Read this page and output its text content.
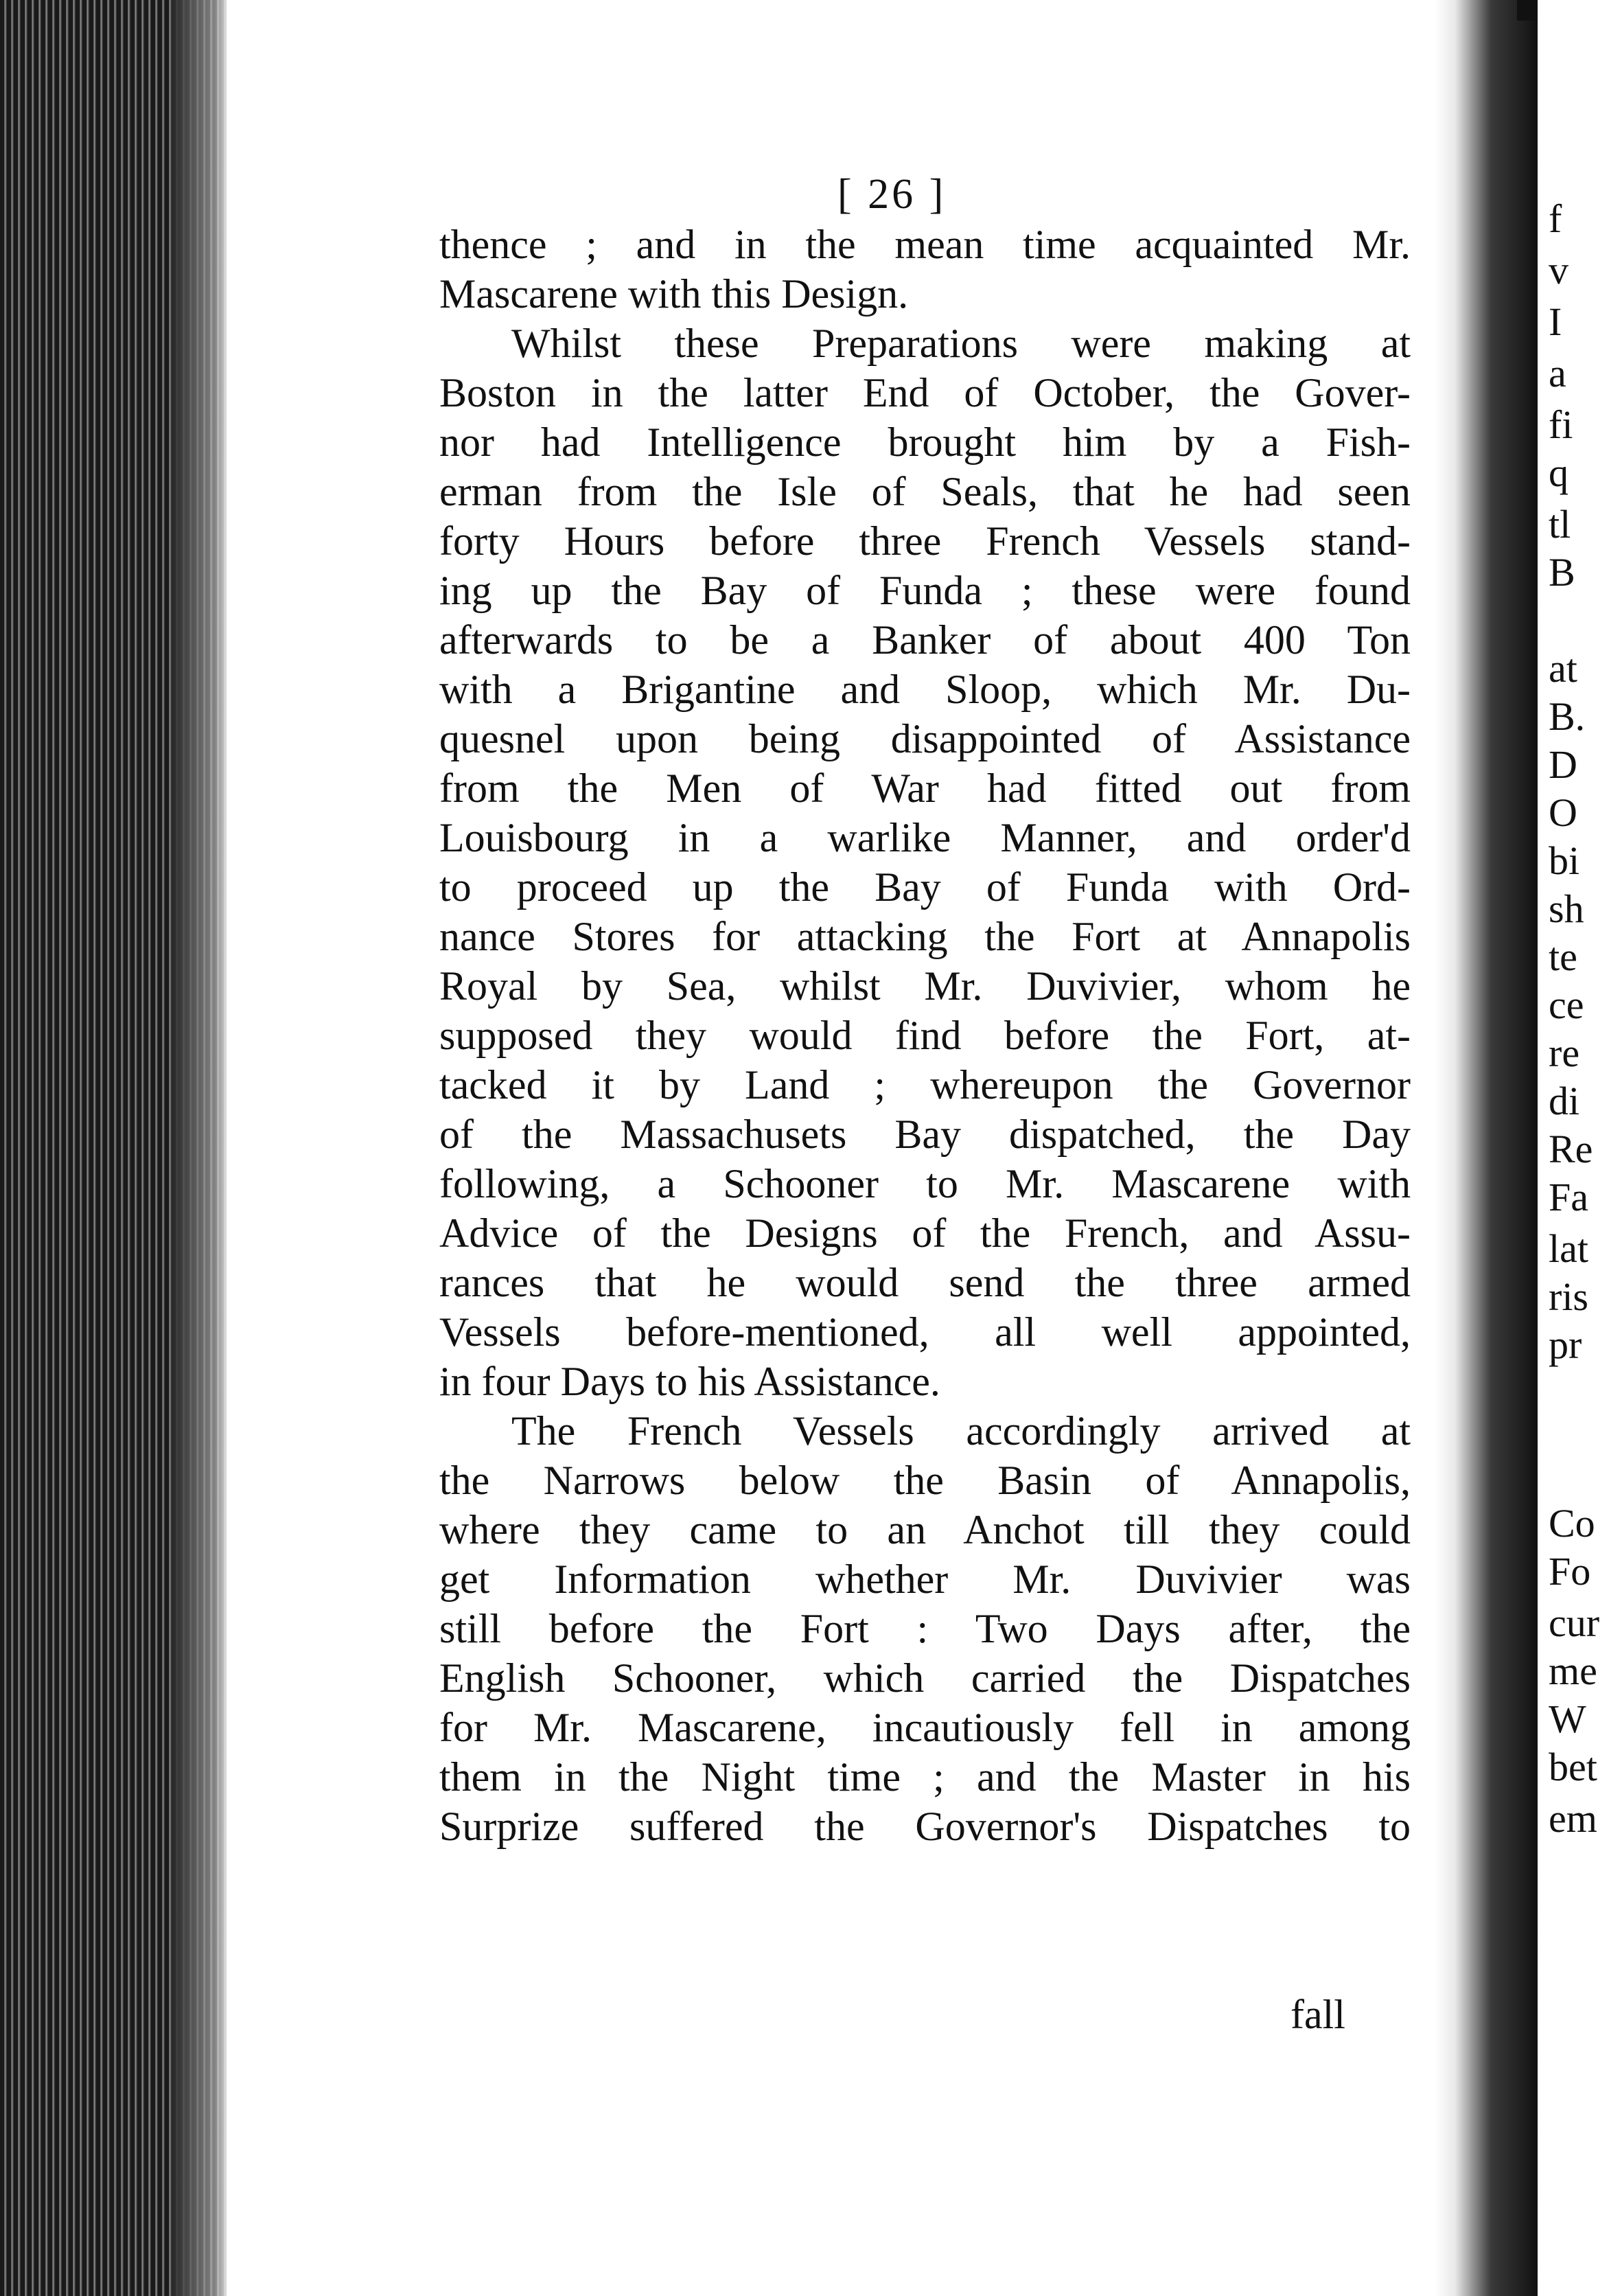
[ 26 ]
thence ; and in the mean time acquainted Mr.
Mascarene with this Design.
Whilst these Preparations were making at
Boston in the latter End of October, the Gover-
nor had Intelligence brought him by a Fish-
erman from the Isle of Seals, that he had seen
forty Hours before three French Vessels stand-
ing up the Bay of Funda ; these were found
afterwards to be a Banker of about 400 Ton
with a Brigantine and Sloop, which Mr. Du-
quesnel upon being disappointed of Assistance
from the Men of War had fitted out from
Louisbourg in a warlike Manner, and order'd
to proceed up the Bay of Funda with Ord-
nance Stores for attacking the Fort at Annapolis
Royal by Sea, whilst Mr. Duvivier, whom he
supposed they would find before the Fort, at-
tacked it by Land ; whereupon the Governor
of the Massachusets Bay dispatched, the Day
following, a Schooner to Mr. Mascarene with
Advice of the Designs of the French, and Assu-
rances that he would send the three armed
Vessels before-mentioned, all well appointed,
in four Days to his Assistance.
The French Vessels accordingly arrived at
the Narrows below the Basin of Annapolis,
where they came to an Anchot till they could
get Information whether Mr. Duvivier was
still before the Fort : Two Days after, the
English Schooner, which carried the Dispatches
for Mr. Mascarene, incautiously fell in among
them in the Night time ; and the Master in his
Surprize suffered the Governor's Dispatches to
fall
f
v
I
a
fi
q
tl
B
at
B.
D
O
bi
sh
te
ce
re
di
Re
Fa
lat
ris
pr
Co
Fo
cur
me
W
bet
em
